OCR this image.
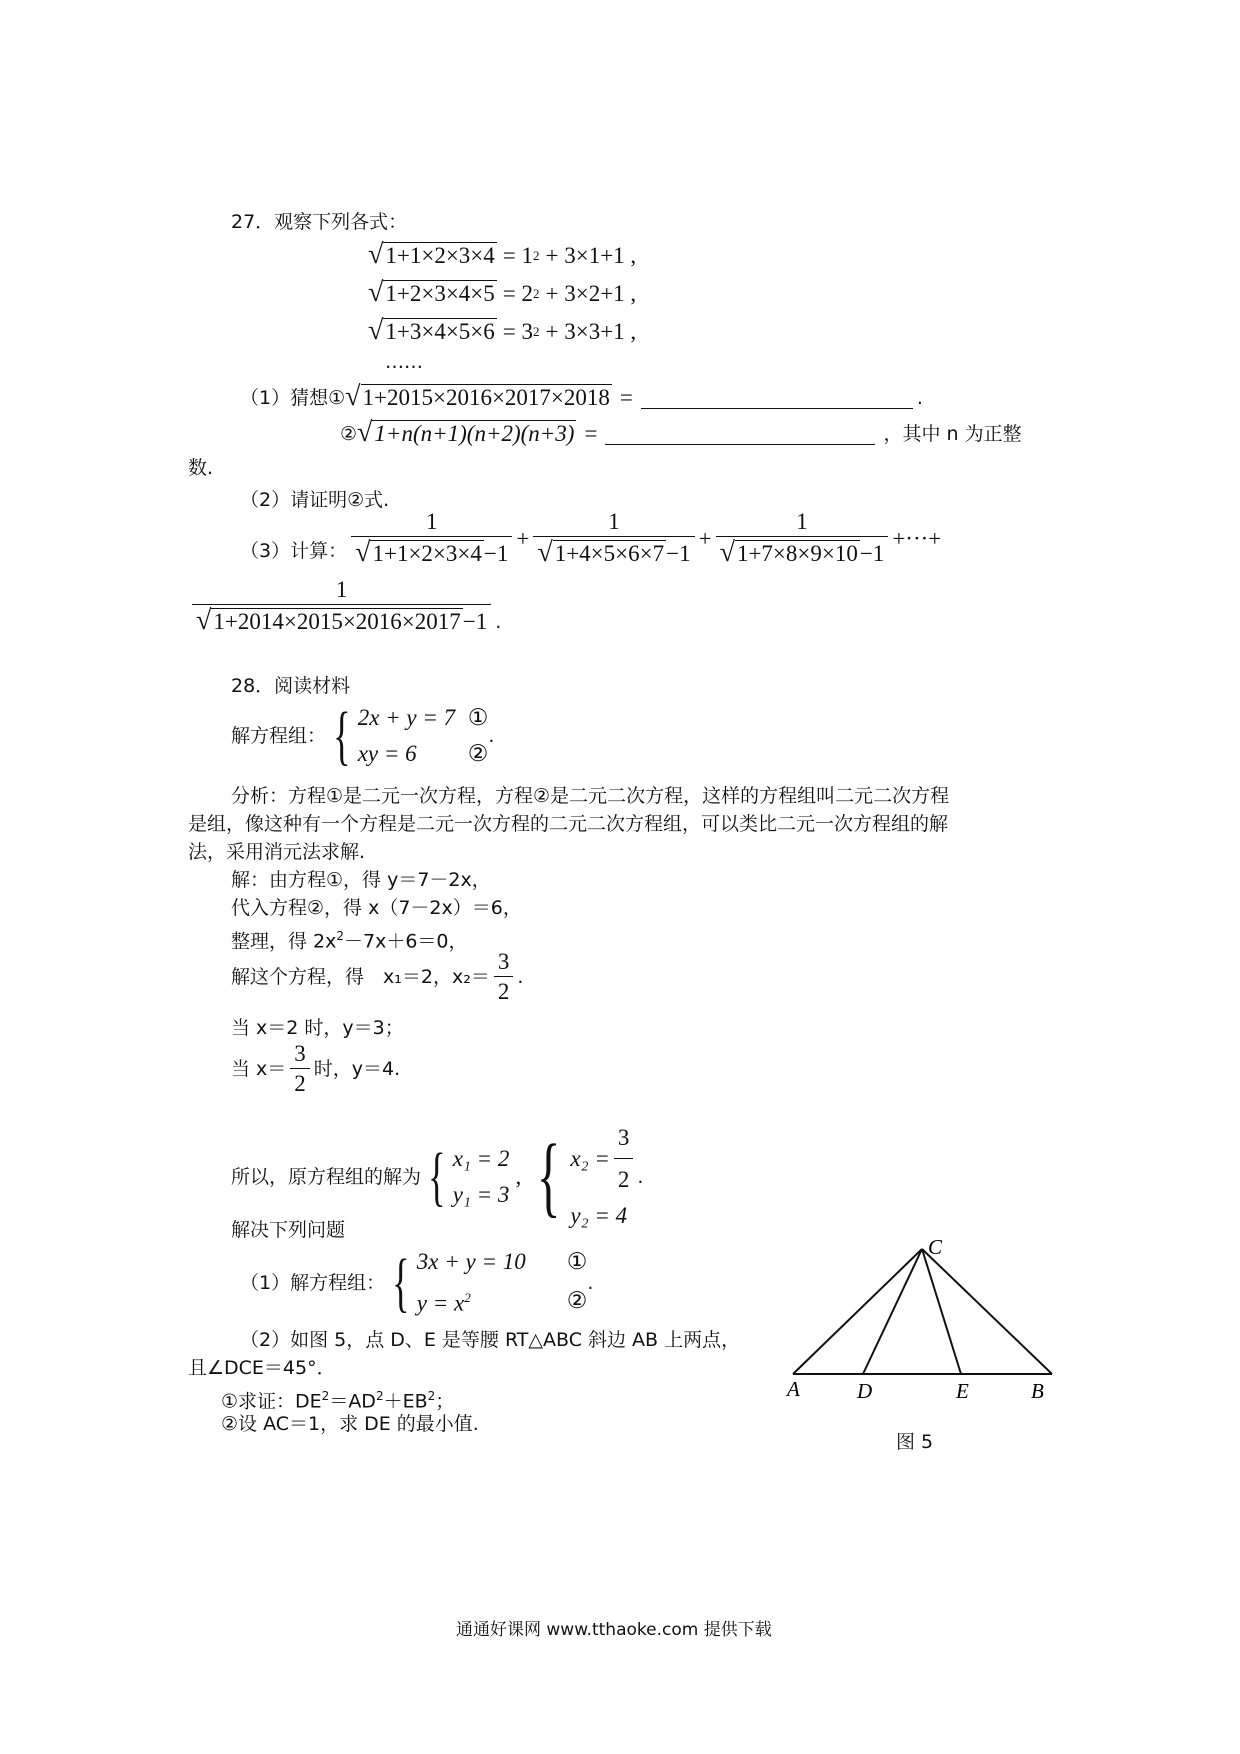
27．观察下列各式：
√ 1+1×2×3×4 = 1 2 + 3×1+1 ,
√ 1+2×3×4×5 = 2 2 + 3×2+1 ,
√ 1+3×4×5×6 = 3 2 + 3×3+1 ,
……
（1）猜想① √ 1+2015×2016×2017×2018 =	.
② √ 1+n(n+1)(n+2)(n+3) =	，其中 n 为正整
数.
（2）请证明②式.
（3）计算： $\frac{1}{√ 1+1\times 2\times 3\times 4 -1} + \frac{1}{√ 1+4\times 5\times 6\times 7 -1} + \frac{1}{√ 1+7\times 8\times 9\times 10 -1}$ +···+
$\frac{1}{√ 1+2014\times 2015\times 2016\times 2017 -1}$ .
28．阅读材料
解方程组： { 2x + y = 7 ①
xy = 6	②
.
分析：方程①是二元一次方程，方程②是二元二次方程，这样的方程组叫二元二次方程
是组，像这种有一个方程是二元一次方程的二元二次方程组，可以类比二元一次方程组的解
法，采用消元法求解.
解：由方程①，得 y＝7－2x，
代入方程②，得 x（7－2x）＝6，
整理，得 $2x^2-7x+6=0$，
解这个方程，得　x₁＝2，$x_2= \frac{3}{2}$ .
当 x＝2 时，y＝3；
当 $x= \frac{3}{2}$ 时，y＝4.
所以，原方程组的解为 { x₁ = 2
y₁ = 3
, { $x_2 = \frac{3}{2}$
y₂ = 4
.
解决下列问题
（1）解方程组： { 3x + y = 10	①
$y = x^2$	②
.
（2）如图 5，点 D、E 是等腰 RT△ABC 斜边 AB 上两点，
且∠DCE＝45°．
①求证：$DE^2=AD^2+EB^2$；
②设 AC＝1，求 DE 的最小值.
C
A	D	E	B
图 5
通通好课网 www.tthaoke.com 提供下载
